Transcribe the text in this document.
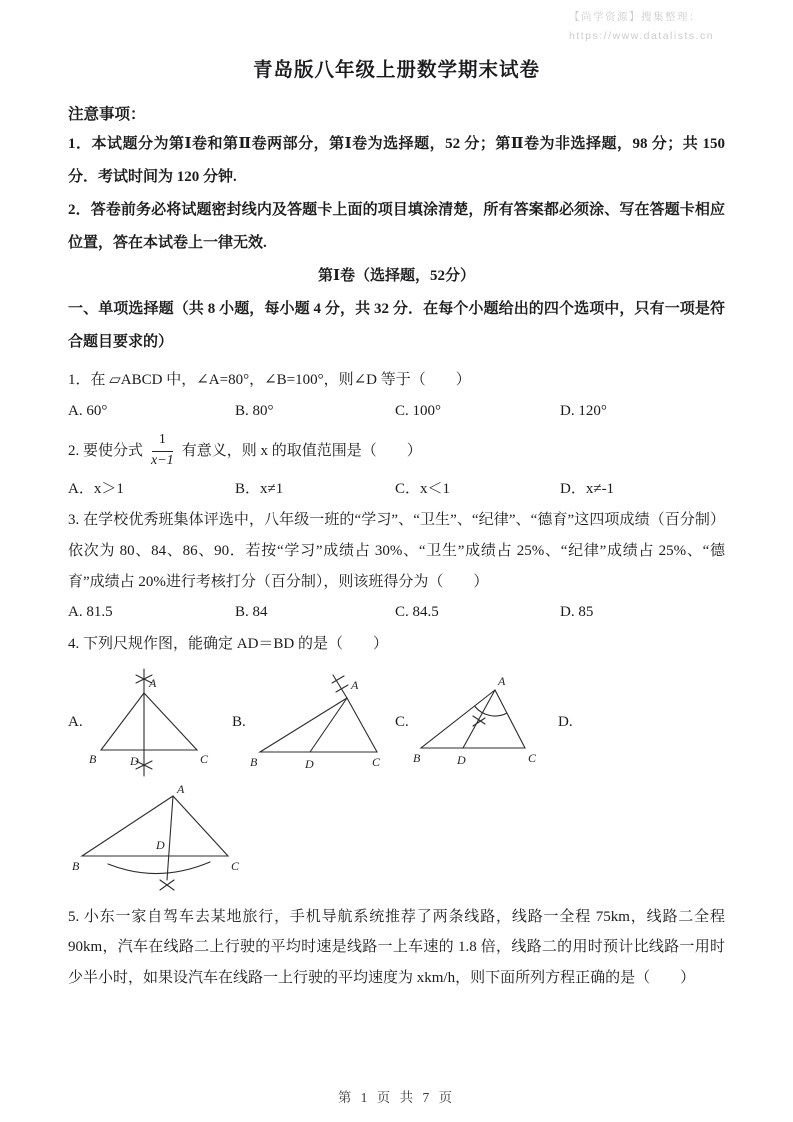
【尚学资源】搜集整理：
https://www.datalists.cn
青岛版八年级上册数学期末试卷

注意事项：

1．本试题分为第Ⅰ卷和第Ⅱ卷两部分，第Ⅰ卷为选择题，52 分；第Ⅱ卷为非选择题，98 分；共 150 分．考试时间为 120 分钟.

2．答卷前务必将试题密封线内及答题卡上面的项目填涂清楚，所有答案都必须涂、写在答题卡相应位置，答在本试卷上一律无效.

第Ⅰ卷（选择题，52分）

一、单项选择题（共 8 小题，每小题 4 分，共 32 分．在每个小题给出的四个选项中，只有一项是符合题目要求的）

1．在 ▱ABCD 中，∠A=80°，∠B=100°，则∠D 等于（　　）

A. 60°	B. 80°	C. 100°	D. 120°
2. 要使分式 $\frac{1}{x-1}$ 有意义，则 x 的取值范围是（　　）
A．x＞1	B．x≠1	C．x＜1	D．x≠-1

3. 在学校优秀班集体评选中，八年级一班的“学习”、“卫生”、“纪律”、“德育”这四项成绩（百分制）依次为 80、84、86、90．若按“学习”成绩占 30%、“卫生”成绩占 25%、“纪律”成绩占 25%、“德育”成绩占 20%进行考核打分（百分制），则该班得分为（　　）

A. 81.5	B. 84	C. 84.5	D. 85

4. 下列尺规作图，能确定 AD＝BD 的是（　　）

A.
A
B	D	C
B.
A
B	D	C
C.
A
B	D	C
D.
A
B
D
C

5. 小东一家自驾车去某地旅行，手机导航系统推荐了两条线路，线路一全程 75km，线路二全程 90km，汽车在线路二上行驶的平均时速是线路一上车速的 1.8 倍，线路二的用时预计比线路一用时少半小时，如果设汽车在线路一上行驶的平均速度为 xkm/h，则下面所列方程正确的是（　　）

第 1 页 共 7 页
